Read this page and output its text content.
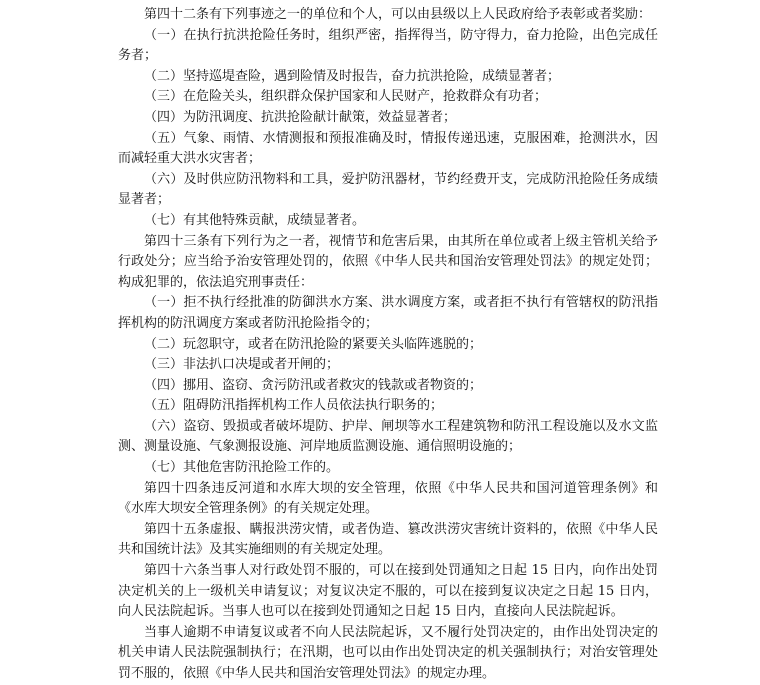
第四十二条有下列事迹之一的单位和个人，可以由县级以上人民政府给予表彰或者奖励：

（一）在执行抗洪抢险任务时，组织严密，指挥得当，防守得力，奋力抢险，出色完成任务者；

（二）坚持巡堤查险，遇到险情及时报告，奋力抗洪抢险，成绩显著者；

（三）在危险关头，组织群众保护国家和人民财产，抢救群众有功者；

（四）为防汛调度、抗洪抢险献计献策，效益显著者；

（五）气象、雨情、水情测报和预报准确及时，情报传递迅速，克服困难，抢测洪水，因而减轻重大洪水灾害者；

（六）及时供应防汛物料和工具，爱护防汛器材，节约经费开支，完成防汛抢险任务成绩显著者；

（七）有其他特殊贡献，成绩显著者。

第四十三条有下列行为之一者，视情节和危害后果，由其所在单位或者上级主管机关给予行政处分；应当给予治安管理处罚的，依照《中华人民共和国治安管理处罚法》的规定处罚；构成犯罪的，依法追究刑事责任：

（一）拒不执行经批准的防御洪水方案、洪水调度方案，或者拒不执行有管辖权的防汛指挥机构的防汛调度方案或者防汛抢险指令的；

（二）玩忽职守，或者在防汛抢险的紧要关头临阵逃脱的；

（三）非法扒口决堤或者开闸的；

（四）挪用、盗窃、贪污防汛或者救灾的钱款或者物资的；

（五）阻碍防汛指挥机构工作人员依法执行职务的；

（六）盗窃、毁损或者破坏堤防、护岸、闸坝等水工程建筑物和防汛工程设施以及水文监测、测量设施、气象测报设施、河岸地质监测设施、通信照明设施的；

（七）其他危害防汛抢险工作的。

第四十四条违反河道和水库大坝的安全管理，依照《中华人民共和国河道管理条例》和《水库大坝安全管理条例》的有关规定处理。

第四十五条虚报、瞒报洪涝灾情，或者伪造、篡改洪涝灾害统计资料的，依照《中华人民共和国统计法》及其实施细则的有关规定处理。

第四十六条当事人对行政处罚不服的，可以在接到处罚通知之日起 15 日内，向作出处罚决定机关的上一级机关申请复议；对复议决定不服的，可以在接到复议决定之日起 15 日内，向人民法院起诉。当事人也可以在接到处罚通知之日起 15 日内，直接向人民法院起诉。

当事人逾期不申请复议或者不向人民法院起诉，又不履行处罚决定的，由作出处罚决定的机关申请人民法院强制执行；在汛期，也可以由作出处罚决定的机关强制执行；对治安管理处罚不服的，依照《中华人民共和国治安管理处罚法》的规定办理。
